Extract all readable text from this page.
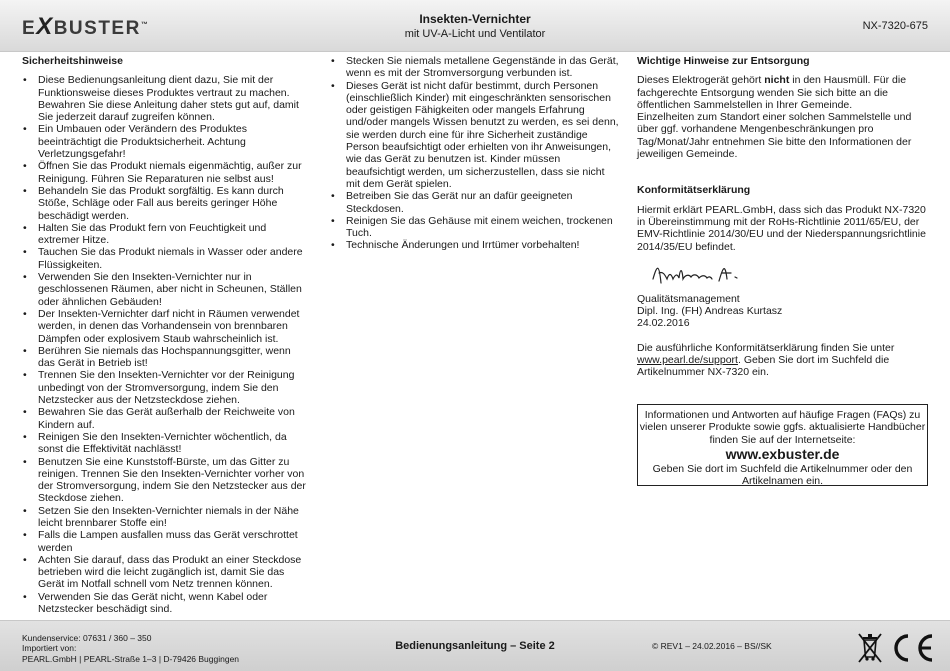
EXBUSTER™	Insekten-Vernichter
mit UV-A-Licht und Ventilator
NX-7320-675
Sicherheitshinweise
• Diese Bedienungsanleitung dient dazu, Sie mit der Funktionsweise dieses Produktes vertraut zu machen. Bewahren Sie diese Anleitung daher stets gut auf, damit Sie jederzeit darauf zugreifen können.
• Ein Umbauen oder Verändern des Produktes beeinträchtigt die Produktsicherheit. Achtung Verletzungsgefahr!
• Öffnen Sie das Produkt niemals eigenmächtig, außer zur Reinigung. Führen Sie Reparaturen nie selbst aus!
• Behandeln Sie das Produkt sorgfältig. Es kann durch Stöße, Schläge oder Fall aus bereits geringer Höhe beschädigt werden.
• Halten Sie das Produkt fern von Feuchtigkeit und extremer Hitze.
• Tauchen Sie das Produkt niemals in Wasser oder andere Flüssigkeiten.
• Verwenden Sie den Insekten-Vernichter nur in geschlossenen Räumen, aber nicht in Scheunen, Ställen oder ähnlichen Gebäuden!
• Der Insekten-Vernichter darf nicht in Räumen verwendet werden, in denen das Vorhandensein von brennbaren Dämpfen oder explosivem Staub wahrscheinlich ist.
• Berühren Sie niemals das Hochspannungsgitter, wenn das Gerät in Betrieb ist!
• Trennen Sie den Insekten-Vernichter vor der Reinigung unbedingt von der Stromversorgung, indem Sie den Netzstecker aus der Netzsteckdose ziehen.
• Bewahren Sie das Gerät außerhalb der Reichweite von Kindern auf.
• Reinigen Sie den Insekten-Vernichter wöchentlich, da sonst die Effektivität nachlässt!
• Benutzen Sie eine Kunststoff-Bürste, um das Gitter zu reinigen. Trennen Sie den Insekten-Vernichter vorher von der Stromversorgung, indem Sie den Netzstecker aus der Steckdose ziehen.
• Setzen Sie den Insekten-Vernichter niemals in der Nähe leicht brennbarer Stoffe ein!
• Falls die Lampen ausfallen muss das Gerät verschrottet werden
• Achten Sie darauf, dass das Produkt an einer Steckdose betrieben wird die leicht zugänglich ist, damit Sie das Gerät im Notfall schnell vom Netz trennen können.
• Verwenden Sie das Gerät nicht, wenn Kabel oder Netzstecker beschädigt sind.
• Stecken Sie niemals metallene Gegenstände in das Gerät, wenn es mit der Stromversorgung verbunden ist.
• Dieses Gerät ist nicht dafür bestimmt, durch Personen (einschließlich Kinder) mit eingeschränkten sensorischen oder geistigen Fähigkeiten oder mangels Erfahrung und/oder mangels Wissen benutzt zu werden, es sei denn, sie werden durch eine für ihre Sicherheit zuständige Person beaufsichtigt oder erhielten von ihr Anweisungen, wie das Gerät zu benutzen ist. Kinder müssen beaufsichtigt werden, um sicherzustellen, dass sie nicht mit dem Gerät spielen.
• Betreiben Sie das Gerät nur an dafür geeigneten Steckdosen.
• Reinigen Sie das Gehäuse mit einem weichen, trockenen Tuch.
• Technische Änderungen und Irrtümer vorbehalten!
Wichtige Hinweise zur Entsorgung
Dieses Elektrogerät gehört nicht in den Hausmüll. Für die fachgerechte Entsorgung wenden Sie sich bitte an die öffentlichen Sammelstellen in Ihrer Gemeinde.
Einzelheiten zum Standort einer solchen Sammelstelle und über ggf. vorhandene Mengenbeschränkungen pro Tag/Monat/Jahr entnehmen Sie bitte den Informationen der jeweiligen Gemeinde.
Konformitätserklärung
Hiermit erklärt PEARL.GmbH, dass sich das Produkt NX-7320 in Übereinstimmung mit der RoHs-Richtlinie 2011/65/EU, der EMV-Richtlinie 2014/30/EU und der Niederspannungsrichtlinie 2014/35/EU befindet.
Qualitätsmanagement
Dipl. Ing. (FH) Andreas Kurtasz
24.02.2016
Die ausführliche Konformitätserklärung finden Sie unter www.pearl.de/support. Geben Sie dort im Suchfeld die Artikelnummer NX-7320 ein.
Informationen und Antworten auf häufige Fragen (FAQs) zu vielen unserer Produkte sowie ggfs. aktualisierte Handbücher finden Sie auf der Internetseite:
www.exbuster.de
Geben Sie dort im Suchfeld die Artikelnummer oder den Artikelnamen ein.
Kundenservice: 07631 / 360 – 350
Importiert von:
PEARL.GmbH | PEARL-Straße 1–3 | D-79426 Buggingen
Bedienungsanleitung – Seite 2	© REV1 – 24.02.2016 – BS//SK
